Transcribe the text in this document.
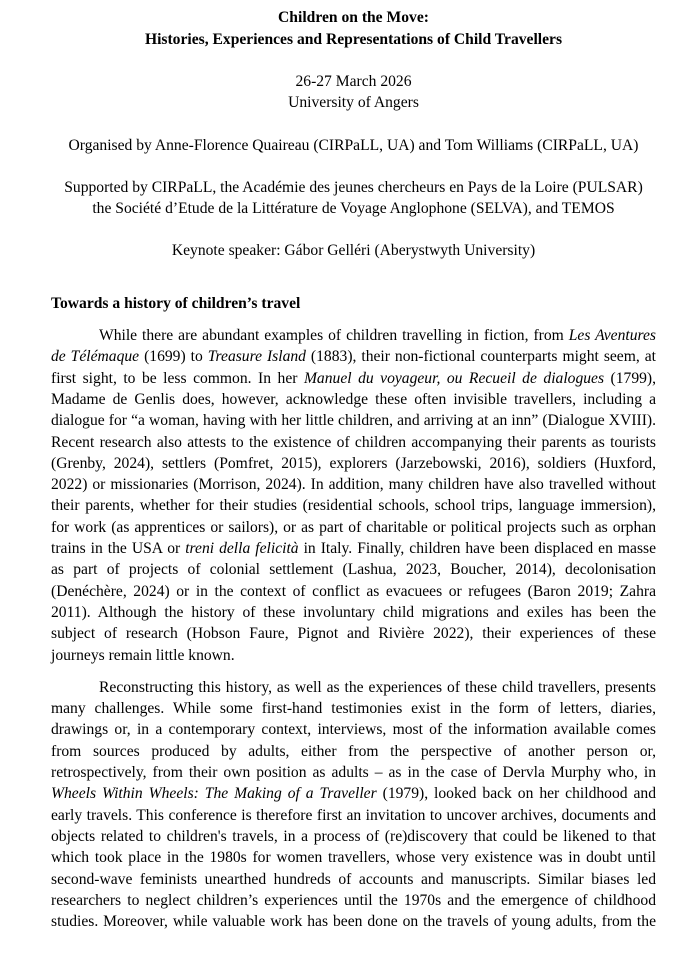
Children on the Move:
Histories, Experiences and Representations of Child Travellers
26-27 March 2026
University of Angers
Organised by Anne-Florence Quaireau (CIRPaLL, UA) and Tom Williams (CIRPaLL, UA)
Supported by CIRPaLL, the Académie des jeunes chercheurs en Pays de la Loire (PULSAR)
the Société d’Etude de la Littérature de Voyage Anglophone (SELVA), and TEMOS
Keynote speaker: Gábor Gelléri (Aberystwyth University)
Towards a history of children’s travel
While there are abundant examples of children travelling in fiction, from Les Aventures
de Télémaque (1699) to Treasure Island (1883), their non-fictional counterparts might seem, at
first sight, to be less common. In her Manuel du voyageur, ou Recueil de dialogues (1799),
Madame de Genlis does, however, acknowledge these often invisible travellers, including a
dialogue for “a woman, having with her little children, and arriving at an inn” (Dialogue XVIII).
Recent research also attests to the existence of children accompanying their parents as tourists
(Grenby, 2024), settlers (Pomfret, 2015), explorers (Jarzebowski, 2016), soldiers (Huxford,
2022) or missionaries (Morrison, 2024). In addition, many children have also travelled without
their parents, whether for their studies (residential schools, school trips, language immersion),
for work (as apprentices or sailors), or as part of charitable or political projects such as orphan
trains in the USA or treni della felicità in Italy. Finally, children have been displaced en masse
as part of projects of colonial settlement (Lashua, 2023, Boucher, 2014), decolonisation
(Denéchère, 2024) or in the context of conflict as evacuees or refugees (Baron 2019; Zahra
2011). Although the history of these involuntary child migrations and exiles has been the
subject of research (Hobson Faure, Pignot and Rivière 2022), their experiences of these
journeys remain little known.
Reconstructing this history, as well as the experiences of these child travellers, presents
many challenges. While some first-hand testimonies exist in the form of letters, diaries,
drawings or, in a contemporary context, interviews, most of the information available comes
from sources produced by adults, either from the perspective of another person or,
retrospectively, from their own position as adults – as in the case of Dervla Murphy who, in
Wheels Within Wheels: The Making of a Traveller (1979), looked back on her childhood and
early travels. This conference is therefore first an invitation to uncover archives, documents and
objects related to children's travels, in a process of (re)discovery that could be likened to that
which took place in the 1980s for women travellers, whose very existence was in doubt until
second-wave feminists unearthed hundreds of accounts and manuscripts. Similar biases led
researchers to neglect children’s experiences until the 1970s and the emergence of childhood
studies. Moreover, while valuable work has been done on the travels of young adults, from the
